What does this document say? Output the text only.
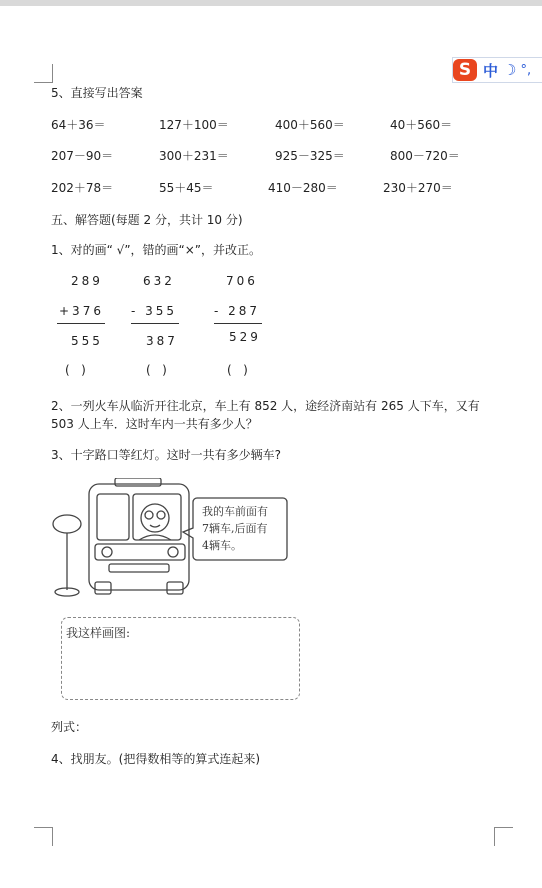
S 中 ☽ °,
5、直接写出答案
64＋36＝	127＋100＝	400＋560＝	40＋560＝
207－90＝	300＋231＝	925－325＝	800－720＝
202＋78＝	55＋45＝	410－280＝	230＋270＝
五、解答题(每题 2 分，共计 10 分)
1、对的画“ √”，错的画“×”，并改正。
289
+376
555
(   )
632
- 355
387
(   )
706
- 287
529
(   )
2、一列火车从临沂开往北京，车上有 852 人，途经济南站有 265 人下车，又有
503 人上车．这时车内一共有多少人？
3、十字路口等红灯。这时一共有多少辆车?
我的车前面有
7辆车,后面有
4辆车。
我这样画图:
列式：
4、找朋友。(把得数相等的算式连起来)
